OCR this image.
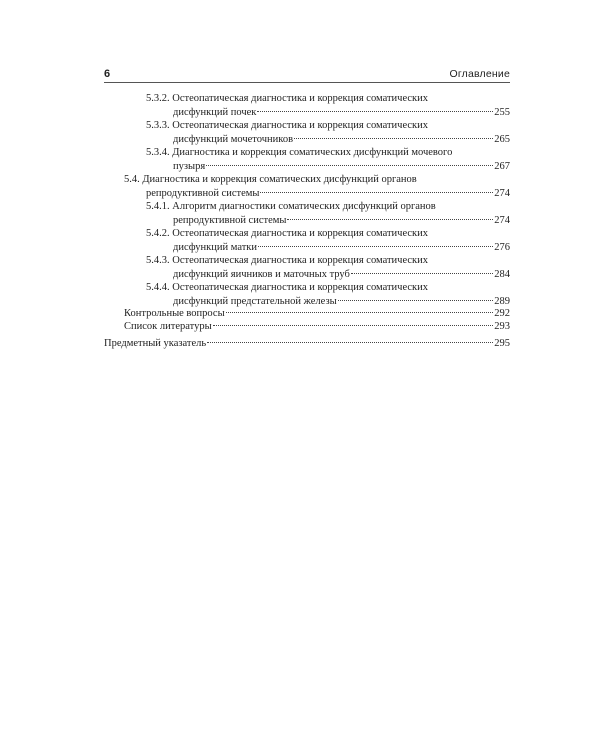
6	Оглавление
5.3.2. Остеопатическая диагностика и коррекция соматических
дисфункций почек	255
5.3.3. Остеопатическая диагностика и коррекция соматических
дисфункций мочеточников	265
5.3.4. Диагностика и коррекция соматических дисфункций мочевого
пузыря	267
5.4. Диагностика и коррекция соматических дисфункций органов
репродуктивной системы	274
5.4.1. Алгоритм диагностики соматических дисфункций органов
репродуктивной системы	274
5.4.2. Остеопатическая диагностика и коррекция соматических
дисфункций матки	276
5.4.3. Остеопатическая диагностика и коррекция соматических
дисфункций яичников и маточных труб	284
5.4.4. Остеопатическая диагностика и коррекция соматических
дисфункций предстательной железы	289
Контрольные вопросы	292
Список литературы	293
Предметный указатель	295
